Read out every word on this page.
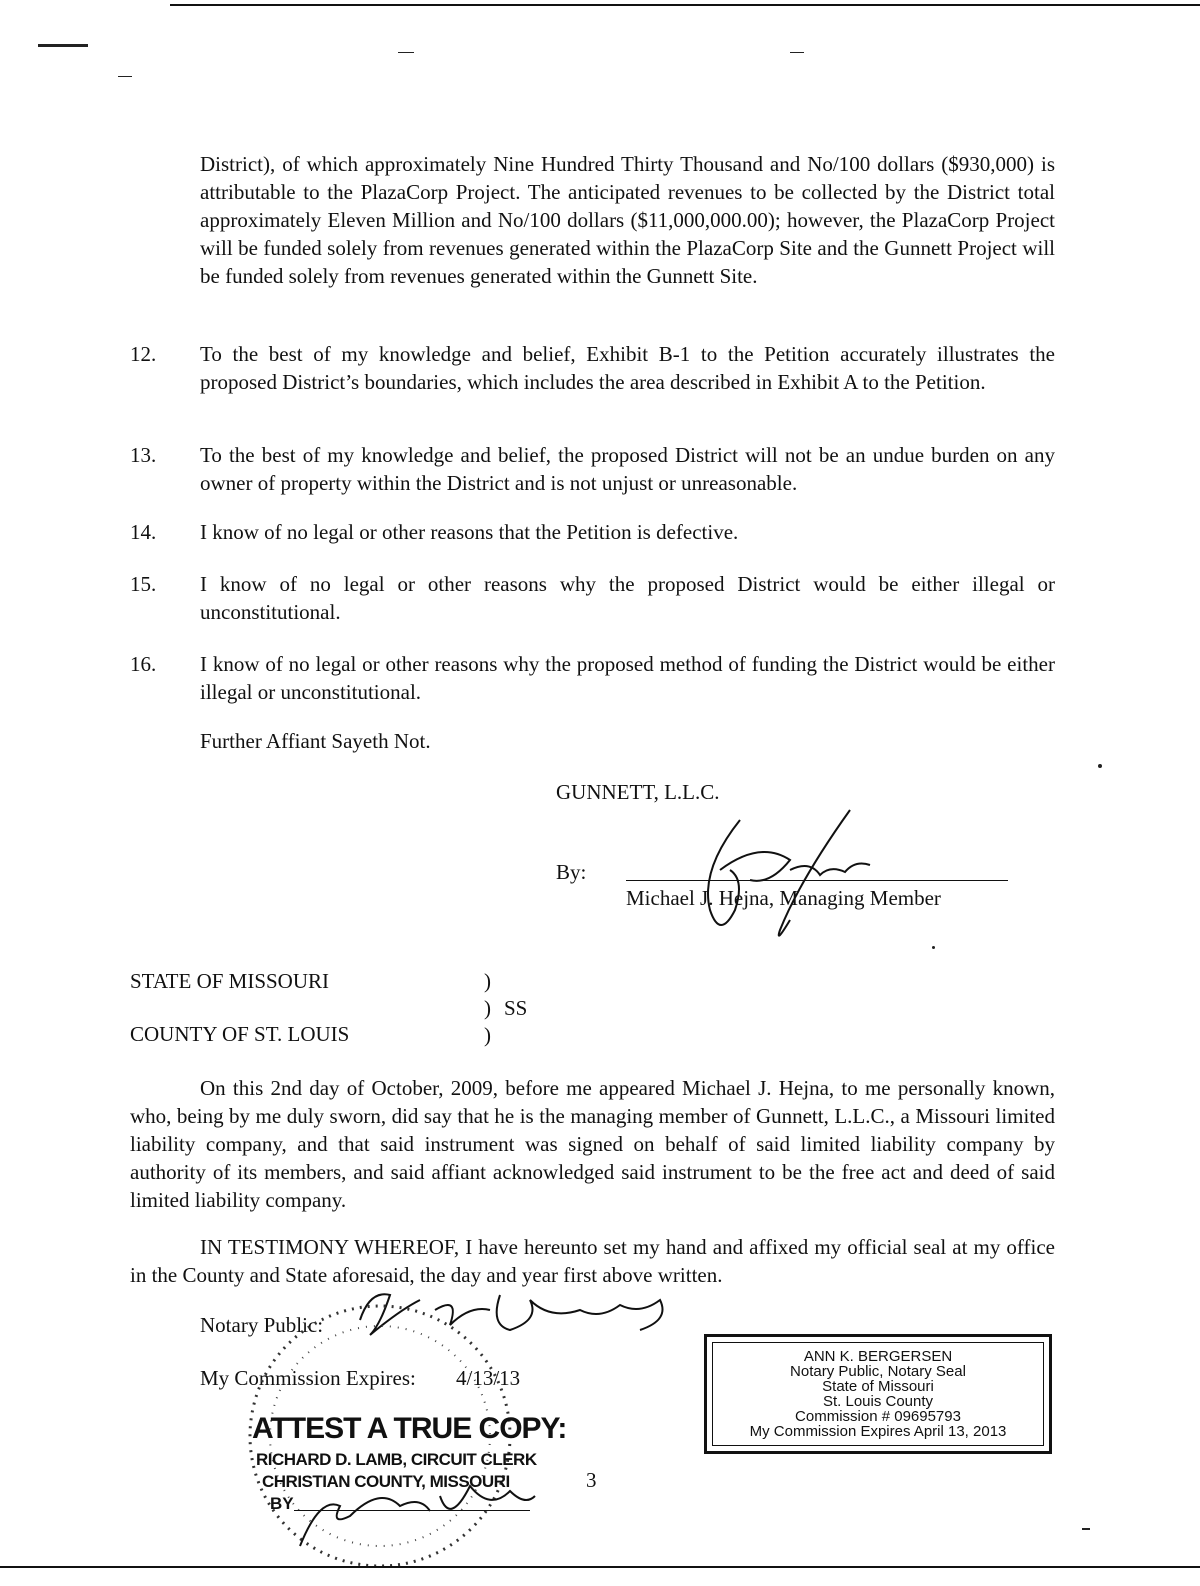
District), of which approximately Nine Hundred Thirty Thousand and No/100 dollars ($930,000) is attributable to the PlazaCorp Project. The anticipated revenues to be collected by the District total approximately Eleven Million and No/100 dollars ($11,000,000.00); however, the PlazaCorp Project will be funded solely from revenues generated within the PlazaCorp Site and the Gunnett Project will be funded solely from revenues generated within the Gunnett Site.
12. To the best of my knowledge and belief, Exhibit B-1 to the Petition accurately illustrates the proposed District’s boundaries, which includes the area described in Exhibit A to the Petition.
13. To the best of my knowledge and belief, the proposed District will not be an undue burden on any owner of property within the District and is not unjust or unreasonable.
14. I know of no legal or other reasons that the Petition is defective.
15. I know of no legal or other reasons why the proposed District would be either illegal or unconstitutional.
16. I know of no legal or other reasons why the proposed method of funding the District would be either illegal or unconstitutional.
Further Affiant Sayeth Not.
GUNNETT, L.L.C.
By:
Michael J. Hejna, Managing Member
STATE OF MISSOURI
COUNTY OF ST. LOUIS
)
)
)
SS
On this 2nd day of October, 2009, before me appeared Michael J. Hejna, to me personally known, who, being by me duly sworn, did say that he is the managing member of Gunnett, L.L.C., a Missouri limited liability company, and that said instrument was signed on behalf of said limited liability company by authority of its members, and said affiant acknowledged said instrument to be the free act and deed of said limited liability company.
IN TESTIMONY WHEREOF, I have hereunto set my hand and affixed my official seal at my office in the County and State aforesaid, the day and year first above written.
Notary Public:
My Commission Expires: 4/13/13
ATTEST A TRUE COPY:
RICHARD D. LAMB, CIRCUIT CLERK
CHRISTIAN COUNTY, MISSOURI
BY
ANN K. BERGERSEN
Notary Public, Notary Seal
State of Missouri
St. Louis County
Commission # 09695793
My Commission Expires April 13, 2013
3
